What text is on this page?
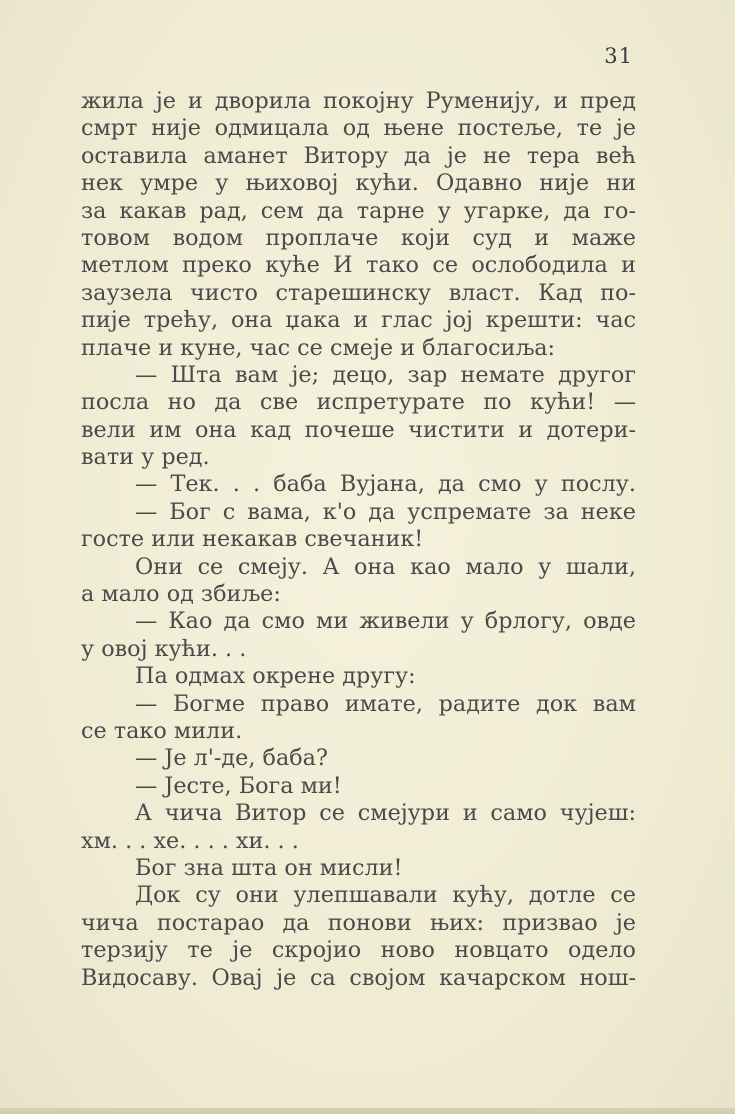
31
жила је и дворила покојну Руменију, и пред
смрт није одмицала од њене постеље, те је
оставила аманет Витору да је не тера већ
нек умре у њиховој кући. Одавно није ни
за какав рад, сем да тарне у угарке, да го-
товом водом проплаче који суд и маже
метлом преко куће И тако се ослободила и
заузела чисто старешинску власт. Кад по-
пије трећу, она џака и глас јој крешти: час
плаче и куне, час се смеје и благосиља:
— Шта вам је; децо, зар немате другог
посла но да све испретурате по кући! —
вели им она кад почеше чистити и дотери-
вати у ред.
— Тек. . . баба Вујана, да смо у послу.
— Бог с вама, к'о да успремате за неке
госте или некакав свечаник!
Они се смеју. А она као мало у шали,
а мало од збиље:
— Као да смо ми живели у брлогу, овде
у овој кући. . .
Па одмах окрене другу:
— Богме право имате, радите док вам
се тако мили.
— Је л'-де, баба?
— Јесте, Бога ми!
А чича Витор се смејури и само чујеш:
хм. . . хе. . . . хи. . .
Бог зна шта он мисли!
Док су они улепшавали кућу, дотле се
чича постарао да понови њих: призвао је
терзију те је скројио ново новцато одело
Видосаву. Овај је са својом качарском нош-
